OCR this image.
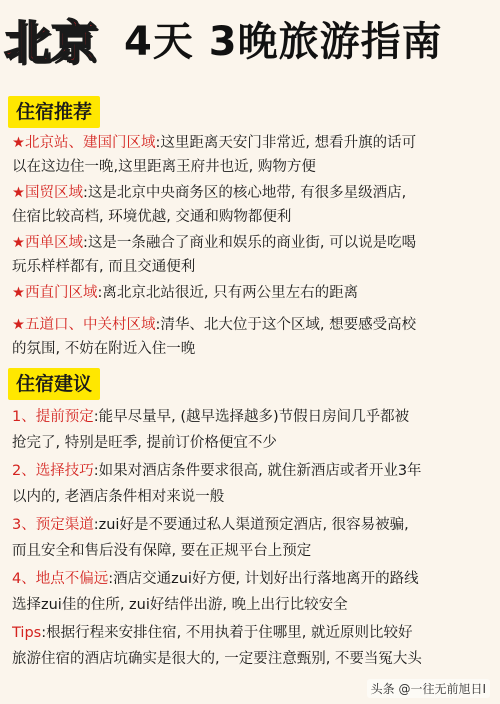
北京 4天 3晚旅游指南
住宿推荐
★北京站、建国门区域:这里距离天安门非常近, 想看升旗的话可
以在这边住一晚,这里距离王府井也近, 购物方便
★国贸区域:这是北京中央商务区的核心地带, 有很多星级酒店,
住宿比较高档, 环境优越, 交通和购物都便利
★西单区域:这是一条融合了商业和娱乐的商业街, 可以说是吃喝
玩乐样样都有, 而且交通便利
★西直门区域:离北京北站很近, 只有两公里左右的距离
★五道口、中关村区域:清华、北大位于这个区域, 想要感受高校
的氛围, 不妨在附近入住一晚
住宿建议
1、提前预定:能早尽量早, (越早选择越多)节假日房间几乎都被
抢完了, 特别是旺季, 提前订价格便宜不少
2、选择技巧:如果对酒店条件要求很高, 就住新酒店或者开业3年
以内的, 老酒店条件相对来说一般
3、预定渠道:zui好是不要通过私人渠道预定酒店, 很容易被骗,
而且安全和售后没有保障, 要在正规平台上预定
4、地点不偏远:酒店交通zui好方便, 计划好出行落地离开的路线
选择zui佳的住所, zui好结伴出游, 晚上出行比较安全
Tips:根据行程来安排住宿, 不用执着于住哪里, 就近原则比较好
旅游住宿的酒店坑确实是很大的, 一定要注意甄别, 不要当冤大头
头条 @一往无前旭日I
